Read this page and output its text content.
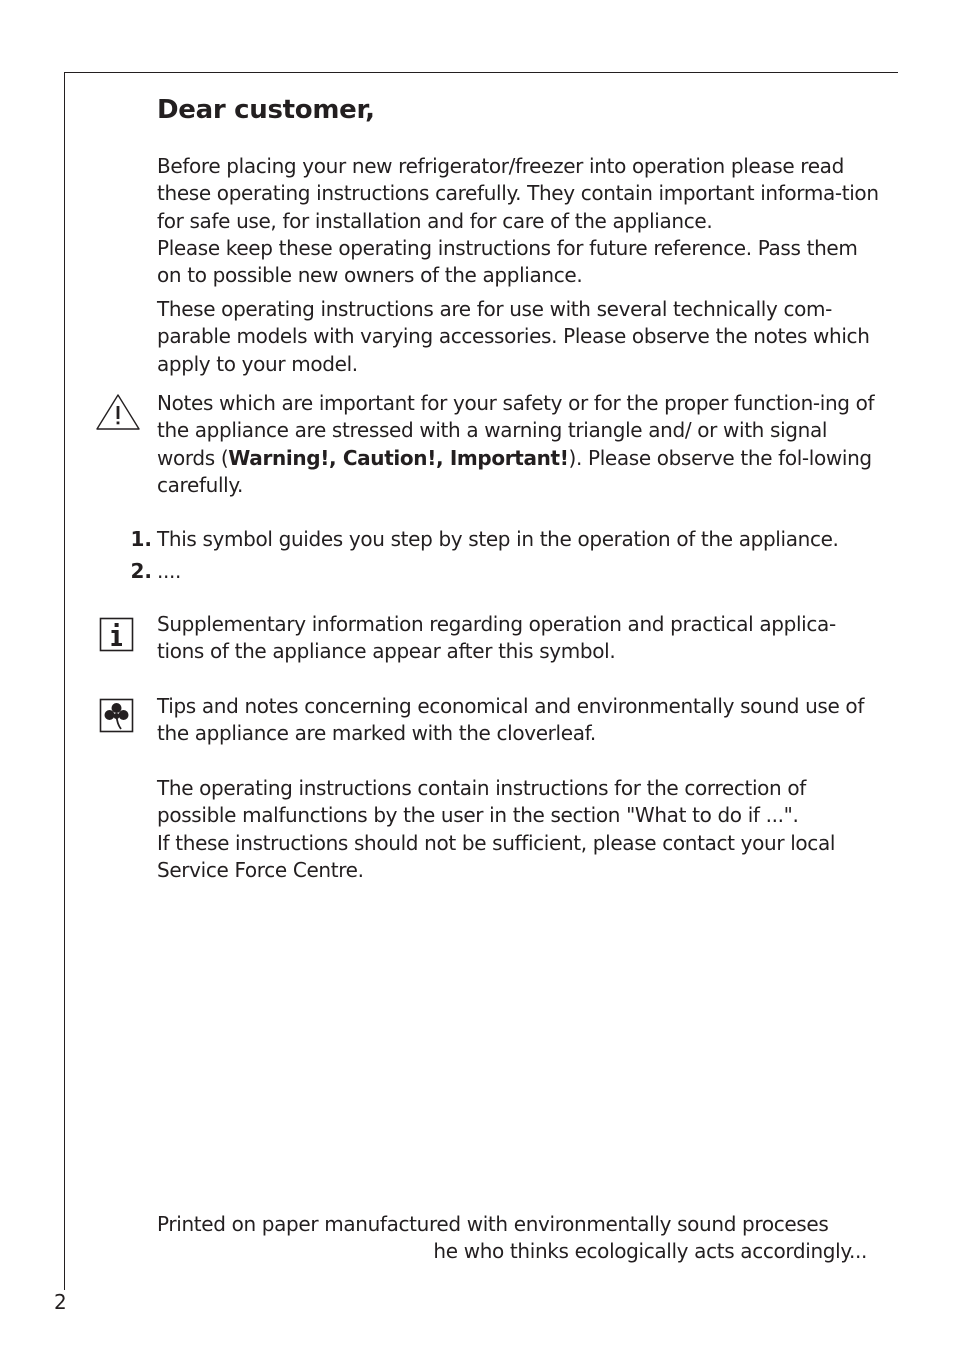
Dear customer,

Before placing your new refrigerator/freezer into operation please read these operating instructions carefully. They contain important informa-tion for safe use, for installation and for care of the appliance.
Please keep these operating instructions for future reference. Pass them on to possible new owners of the appliance.

These operating instructions are for use with several technically com-parable models with varying accessories. Please observe the notes which apply to your model.

Notes which are important for your safety or for the proper function-ing of the appliance are stressed with a warning triangle and/ or with signal words (Warning!, Caution!, Important!). Please observe the fol-lowing carefully.

1. This symbol guides you step by step in the operation of the appliance.
2. ....

Supplementary information regarding operation and practical applica-tions of the appliance appear after this symbol.

Tips and notes concerning economical and environmentally sound use of the appliance are marked with the cloverleaf.

The operating instructions contain instructions for the correction of possible malfunctions by the user in the section "What to do if ...".
If these instructions should not be sufficient, please contact your local Service Force Centre.

Printed on paper manufactured with environmentally sound proceses
he who thinks ecologically acts accordingly...

2
